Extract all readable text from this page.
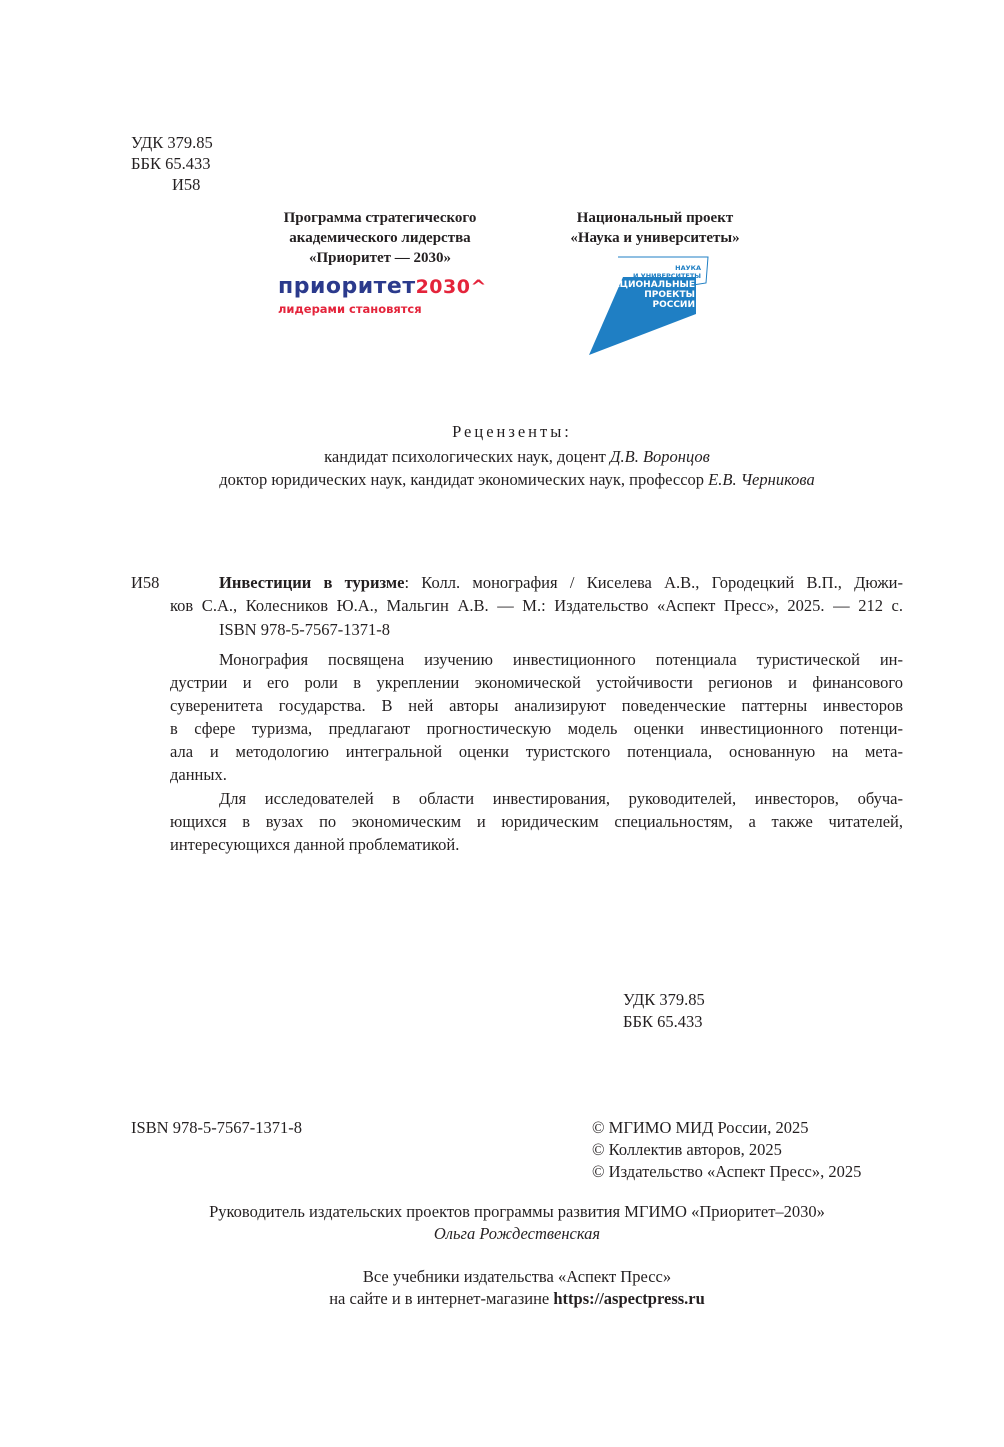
УДК 379.85
ББК 65.433
И58
Программа стратегического
академического лидерства
«Приоритет — 2030»
приоритет2030^
лидерами становятся
Национальный проект
«Наука и университеты»
НАУКА
И УНИВЕРСИТЕТЫ
НАЦИОНАЛЬНЫЕ
ПРОЕКТЫ
РОССИИ
Рецензенты:
кандидат психологических наук, доцент Д.В. Воронцов
доктор юридических наук, кандидат экономических наук, профессор Е.В. Черникова
И58	Инвестиции в туризме: Колл. монография / Киселева А.В., Городецкий В.П., Дюжи-
ков С.А., Колесников Ю.А., Мальгин А.В. — М.: Издательство «Аспект Пресс», 2025. — 212 с.
ISBN 978-5-7567-1371-8
Монография посвящена изучению инвестиционного потенциала туристической ин-
дустрии и его роли в укреплении экономической устойчивости регионов и финансового
суверенитета государства. В ней авторы анализируют поведенческие паттерны инвесторов
в сфере туризма, предлагают прогностическую модель оценки инвестиционного потенци-
ала и методологию интегральной оценки туристского потенциала, основанную на мета-
данных.
Для исследователей в области инвестирования, руководителей, инвесторов, обуча-
ющихся в вузах по экономическим и юридическим специальностям, а также читателей,
интересующихся данной проблематикой.
УДК 379.85
ББК 65.433
ISBN 978-5-7567-1371-8	© МГИМО МИД России, 2025
© Коллектив авторов, 2025
© Издательство «Аспект Пресс», 2025
Руководитель издательских проектов программы развития МГИМО «Приоритет–2030»
Ольга Рождественская
Все учебники издательства «Аспект Пресс»
на сайте и в интернет-магазине https://aspectpress.ru
